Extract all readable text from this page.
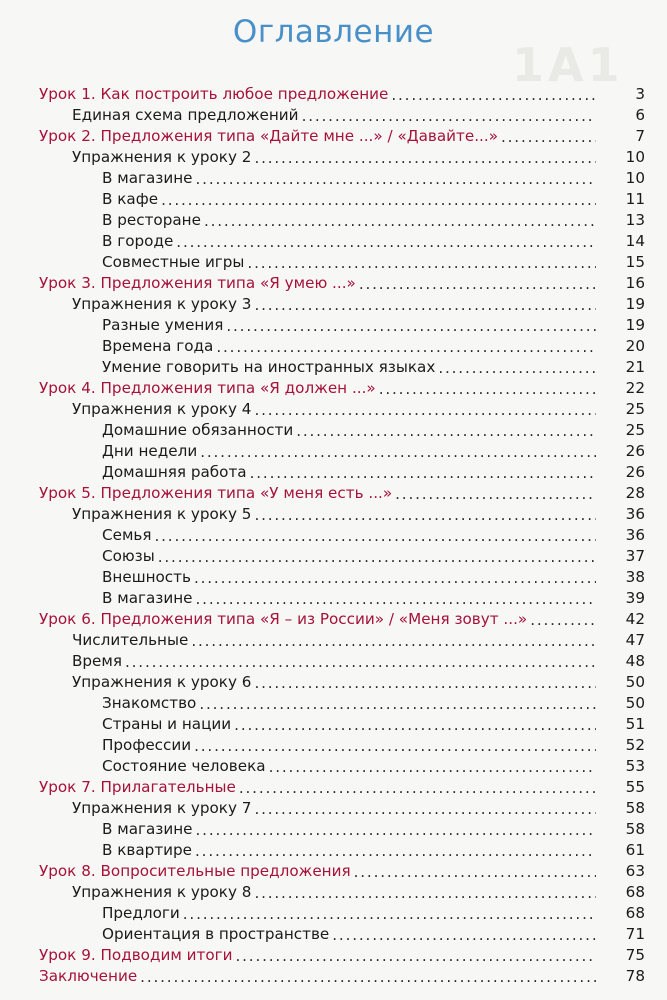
1А1
Оглавление
Урок 1. Как построить любое предложение . . .	3
Единая схема предложений . . .	6
Урок 2. Предложения типа «Дайте мне ...» / «Давайте...» . . .	7
Упражнения к уроку 2 . . .	10
В магазине . . .	10
В кафе . . .	11
В ресторане . . .	13
В городе . . .	14
Совместные игры . . .	15
Урок 3. Предложения типа «Я умею ...» . . .	16
Упражнения к уроку 3 . . .	19
Разные умения . . .	19
Времена года . . .	20
Умение говорить на иностранных языках . . .	21
Урок 4. Предложения типа «Я должен ...» . . .	22
Упражнения к уроку 4 . . .	25
Домашние обязанности . . .	25
Дни недели . . .	26
Домашняя работа . . .	26
Урок 5. Предложения типа «У меня есть ...» . . .	28
Упражнения к уроку 5 . . .	36
Семья . . .	36
Союзы . . .	37
Внешность . . .	38
В магазине . . .	39
Урок 6. Предложения типа «Я – из России» / «Меня зовут ...» . . .	42
Числительные . . .	47
Время . . .	48
Упражнения к уроку 6 . . .	50
Знакомство . . .	50
Страны и нации . . .	51
Профессии . . .	52
Состояние человека . . .	53
Урок 7. Прилагательные . . .	55
Упражнения к уроку 7 . . .	58
В магазине . . .	58
В квартире . . .	61
Урок 8. Вопросительные предложения . . .	63
Упражнения к уроку 8 . . .	68
Предлоги . . .	68
Ориентация в пространстве . . .	71
Урок 9. Подводим итоги . . .	75
Заключение . . .	78
